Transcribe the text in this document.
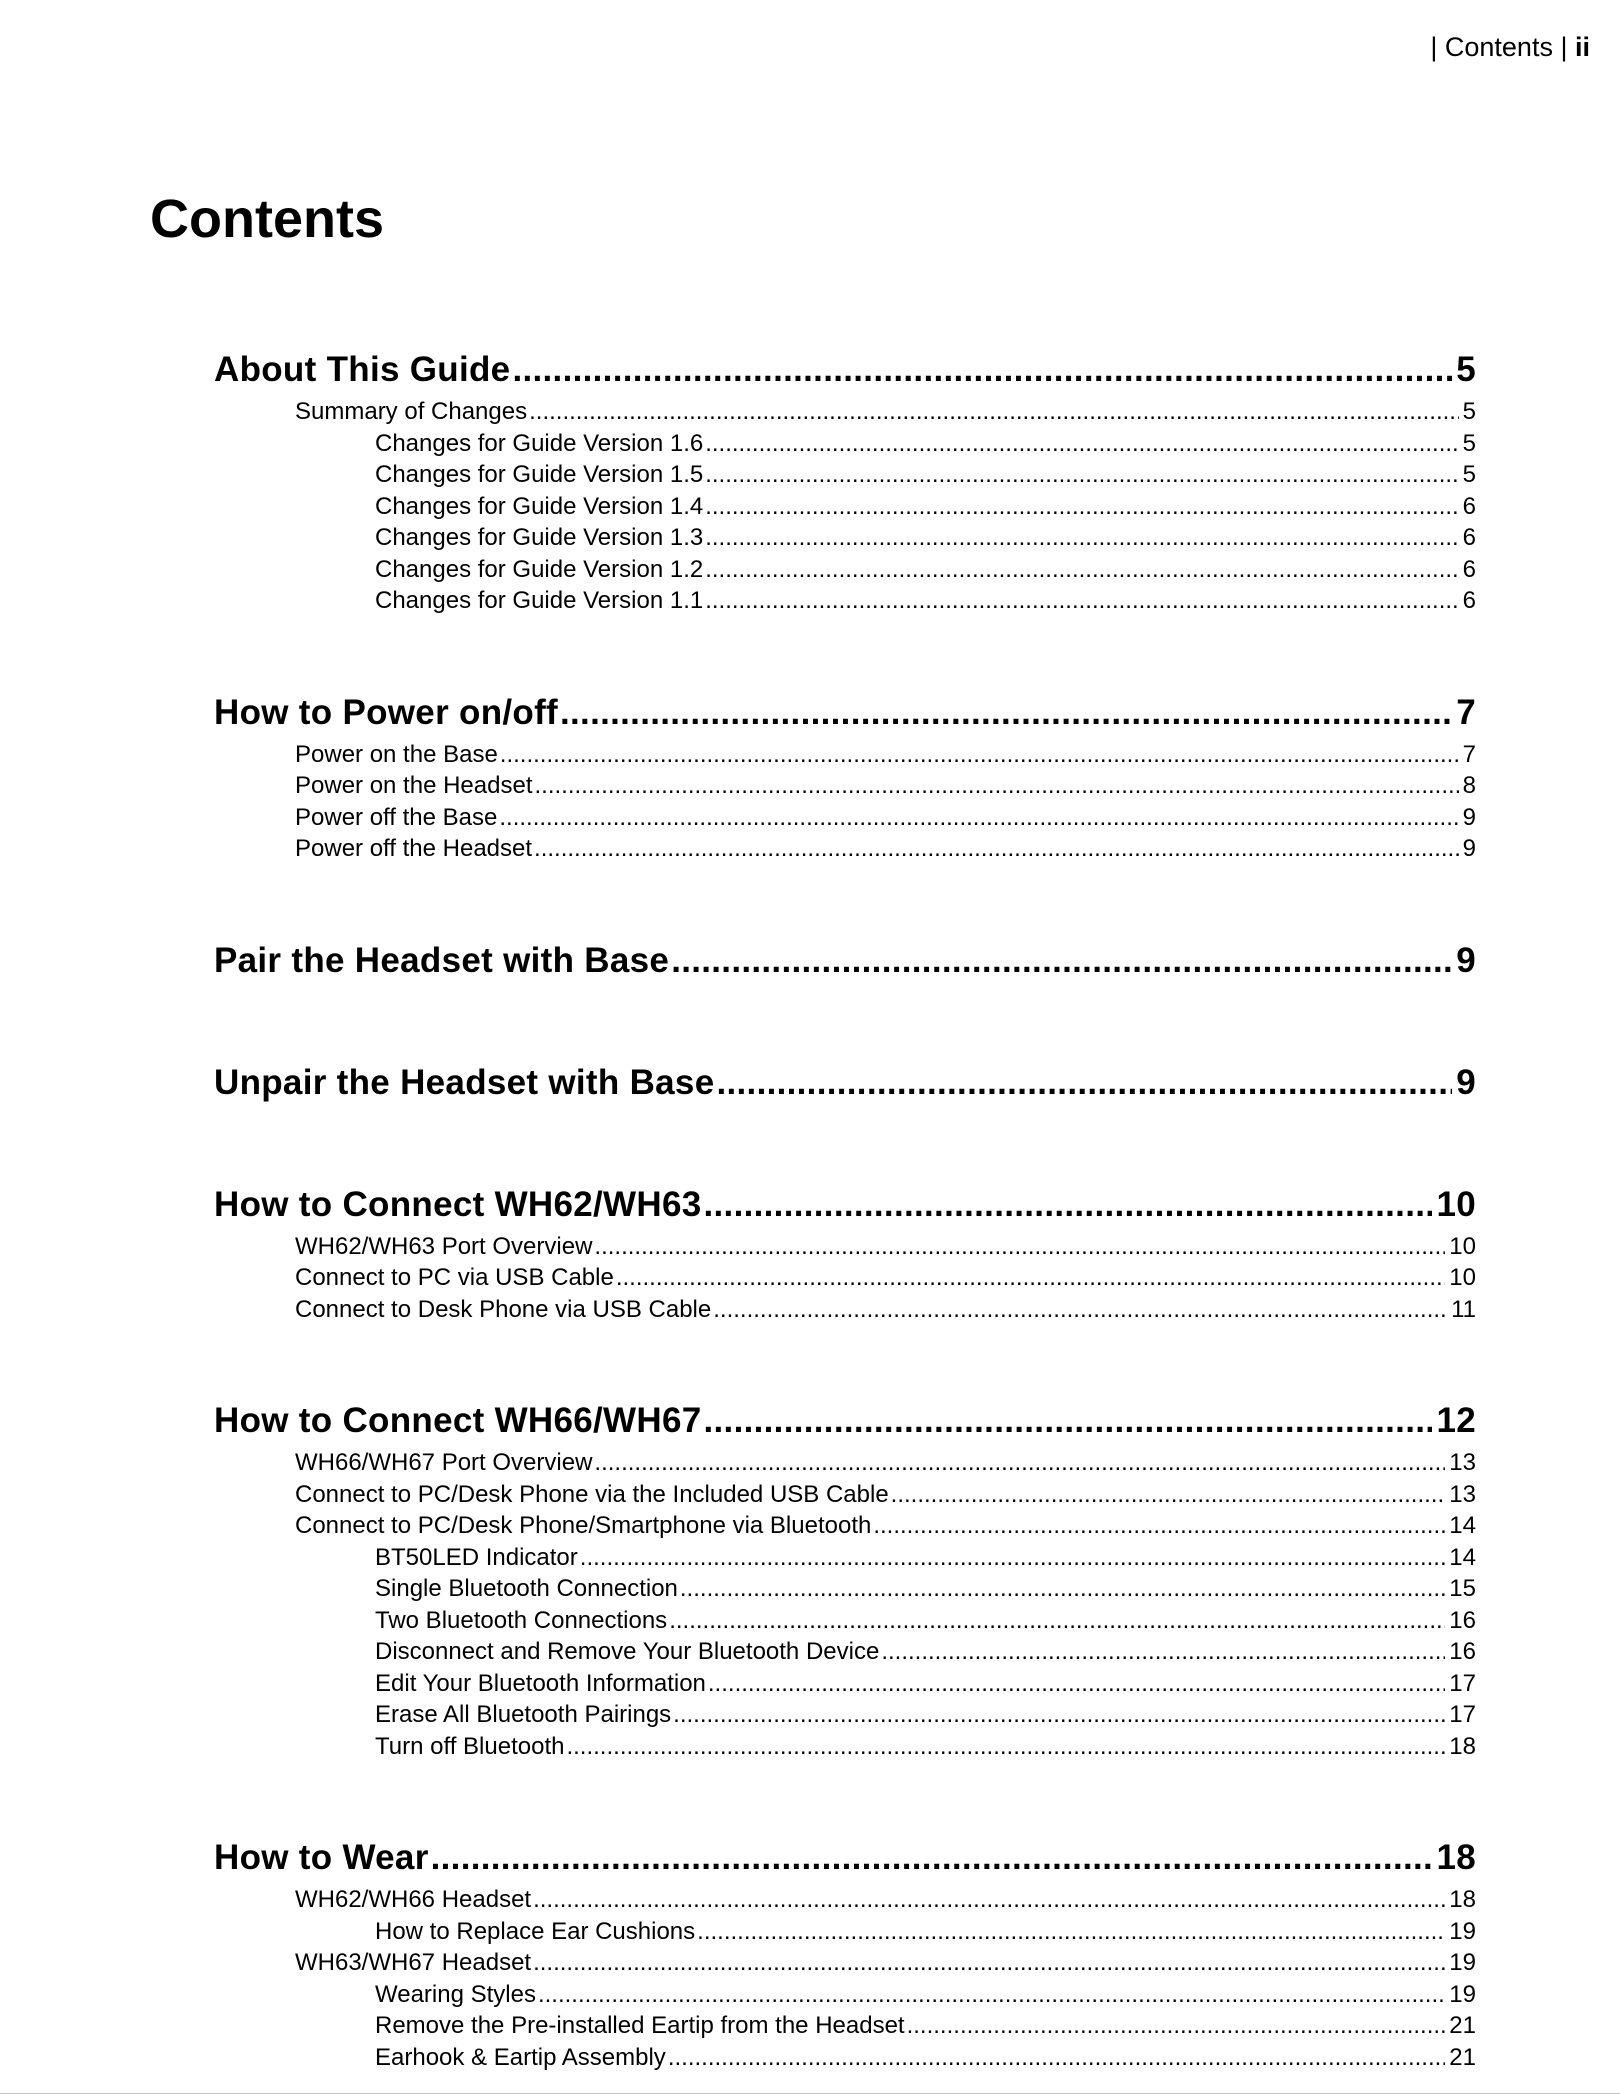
| Contents | ii
Contents
About This Guide .....	5
Summary of Changes .....	5
Changes for Guide Version 1.6 .....	5
Changes for Guide Version 1.5 .....	5
Changes for Guide Version 1.4 .....	6
Changes for Guide Version 1.3 .....	6
Changes for Guide Version 1.2 .....	6
Changes for Guide Version 1.1 .....	6
How to Power on/off .....	7
Power on the Base .....	7
Power on the Headset .....	8
Power off the Base .....	9
Power off the Headset .....	9
Pair the Headset with Base .....	9
Unpair the Headset with Base .....	9
How to Connect WH62/WH63 .....	10
WH62/WH63 Port Overview .....	10
Connect to PC via USB Cable .....	10
Connect to Desk Phone via USB Cable .....	11
How to Connect WH66/WH67 .....	12
WH66/WH67 Port Overview .....	13
Connect to PC/Desk Phone via the Included USB Cable .....	13
Connect to PC/Desk Phone/Smartphone via Bluetooth .....	14
BT50LED Indicator .....	14
Single Bluetooth Connection .....	15
Two Bluetooth Connections .....	16
Disconnect and Remove Your Bluetooth Device .....	16
Edit Your Bluetooth Information .....	17
Erase All Bluetooth Pairings .....	17
Turn off Bluetooth .....	18
How to Wear .....	18
WH62/WH66 Headset .....	18
How to Replace Ear Cushions .....	19
WH63/WH67 Headset .....	19
Wearing Styles .....	19
Remove the Pre-installed Eartip from the Headset .....	21
Earhook & Eartip Assembly .....	21
